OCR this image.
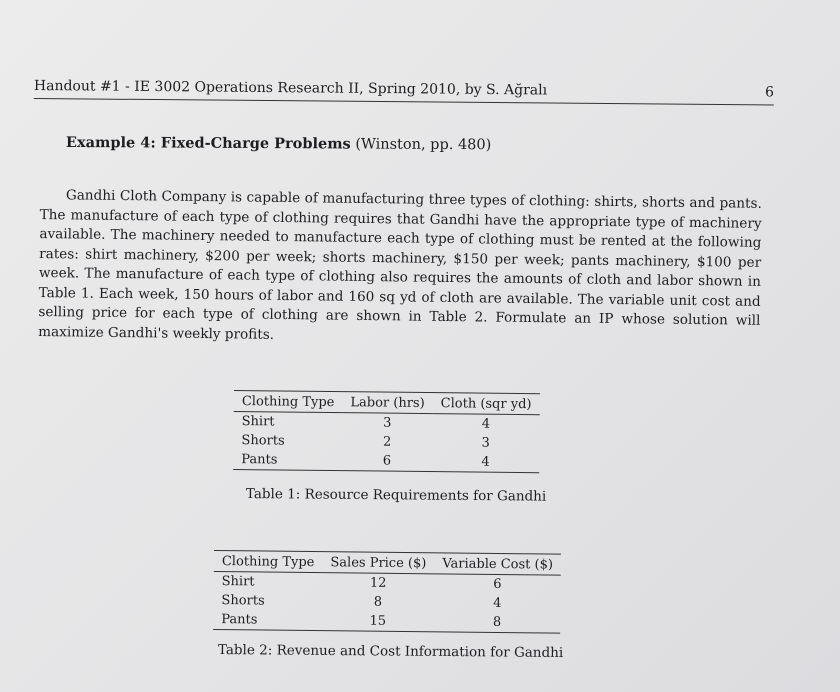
Handout #1 - IE 3002 Operations Research II, Spring 2010, by S. Ağralı	6
Example 4: Fixed-Charge Problems (Winston, pp. 480)
Gandhi Cloth Company is capable of manufacturing three types of clothing: shirts, shorts and pants. The manufacture of each type of clothing requires that Gandhi have the appropriate type of machinery available. The machinery needed to manufacture each type of clothing must be rented at the following rates: shirt machinery, $200 per week; shorts machinery, $150 per week; pants machinery, $100 per week. The manufacture of each type of clothing also requires the amounts of cloth and labor shown in Table 1. Each week, 150 hours of labor and 160 sq yd of cloth are available. The variable unit cost and selling price for each type of clothing are shown in Table 2. Formulate an IP whose solution will maximize Gandhi's weekly profits.
Clothing Type	Labor (hrs)	Cloth (sqr yd)
Shirt	3	4
Shorts	2	3
Pants	6	4
Table 1: Resource Requirements for Gandhi
Clothing Type	Sales Price ($)	Variable Cost ($)
Shirt	12	6
Shorts	8	4
Pants	15	8
Table 2: Revenue and Cost Information for Gandhi
